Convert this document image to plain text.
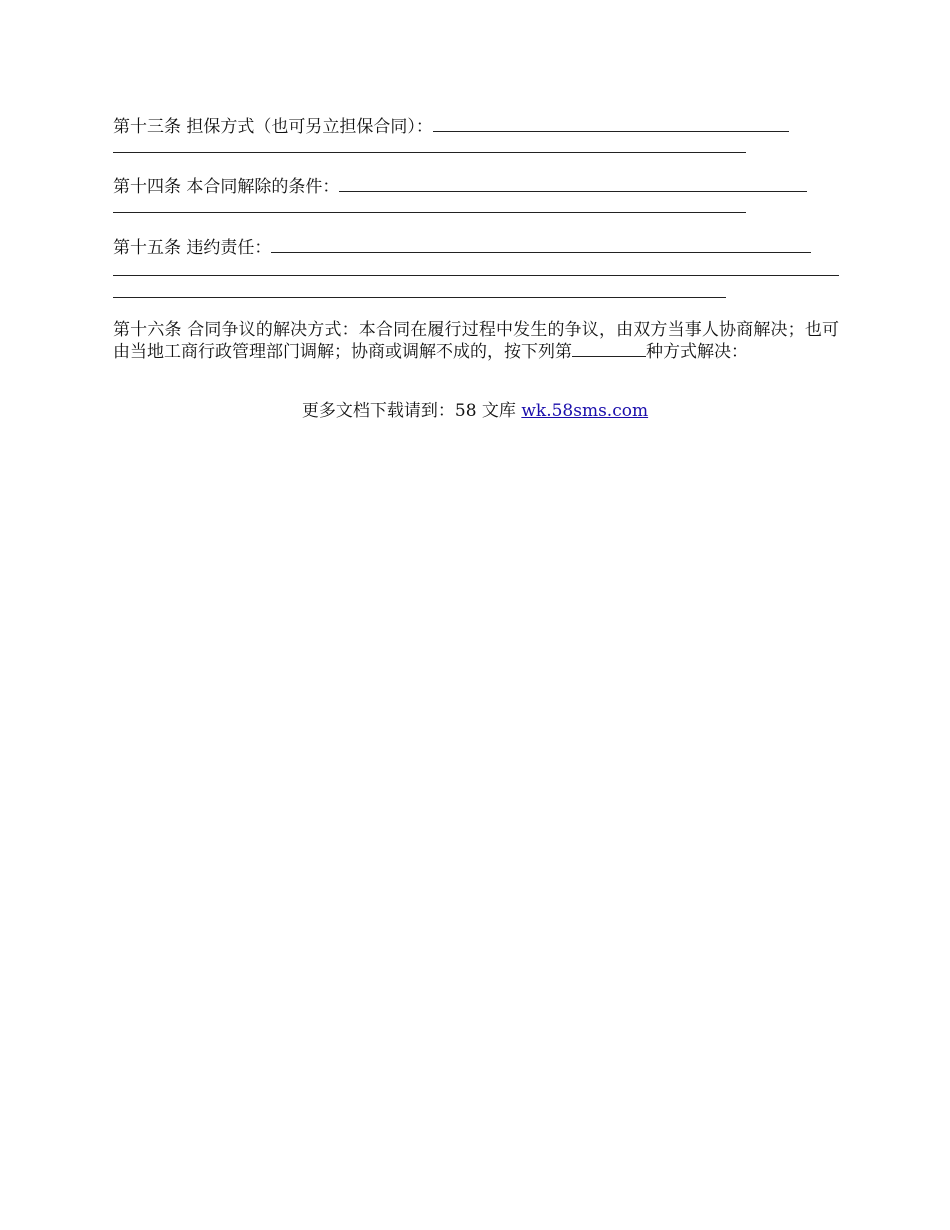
第十三条 担保方式（也可另立担保合同）：
第十四条 本合同解除的条件：
第十五条 违约责任：
第十六条 合同争议的解决方式：本合同在履行过程中发生的争议，由双方当事人协商解决；也可由当地工商行政管理部门调解；协商或调解不成的，按下列第	种方式解决：
更多文档下载请到：58 文库 wk.58sms.com
